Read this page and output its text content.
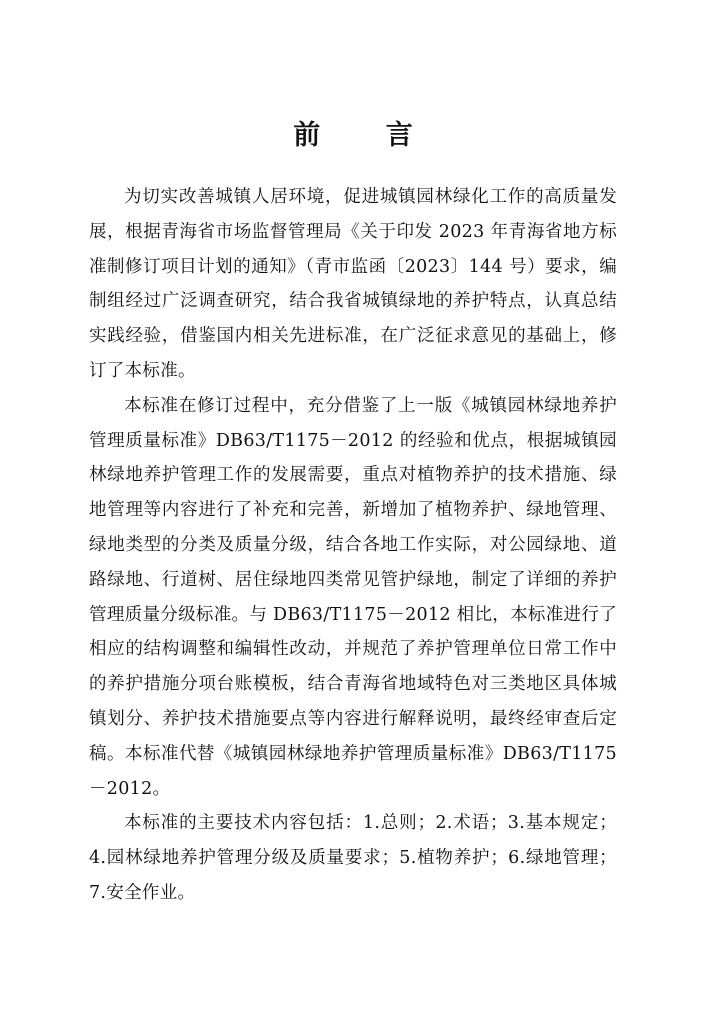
前 言

为切实改善城镇人居环境，促进城镇园林绿化工作的高质量发展，根据青海省市场监督管理局《关于印发 2023 年青海省地方标准制修订项目计划的通知》（青市监函〔2023〕144 号）要求，编制组经过广泛调查研究，结合我省城镇绿地的养护特点，认真总结实践经验，借鉴国内相关先进标准，在广泛征求意见的基础上，修订了本标准。

本标准在修订过程中，充分借鉴了上一版《城镇园林绿地养护管理质量标准》DB63/T1175－2012 的经验和优点，根据城镇园林绿地养护管理工作的发展需要，重点对植物养护的技术措施、绿地管理等内容进行了补充和完善，新增加了植物养护、绿地管理、绿地类型的分类及质量分级，结合各地工作实际，对公园绿地、道路绿地、行道树、居住绿地四类常见管护绿地，制定了详细的养护管理质量分级标准。与 DB63/T1175－2012 相比，本标准进行了相应的结构调整和编辑性改动，并规范了养护管理单位日常工作中的养护措施分项台账模板，结合青海省地域特色对三类地区具体城镇划分、养护技术措施要点等内容进行解释说明，最终经审查后定稿。本标准代替《城镇园林绿地养护管理质量标准》DB63/T1175－2012。

本标准的主要技术内容包括：1.总则；2.术语；3.基本规定；4.园林绿地养护管理分级及质量要求；5.植物养护；6.绿地管理；7.安全作业。
